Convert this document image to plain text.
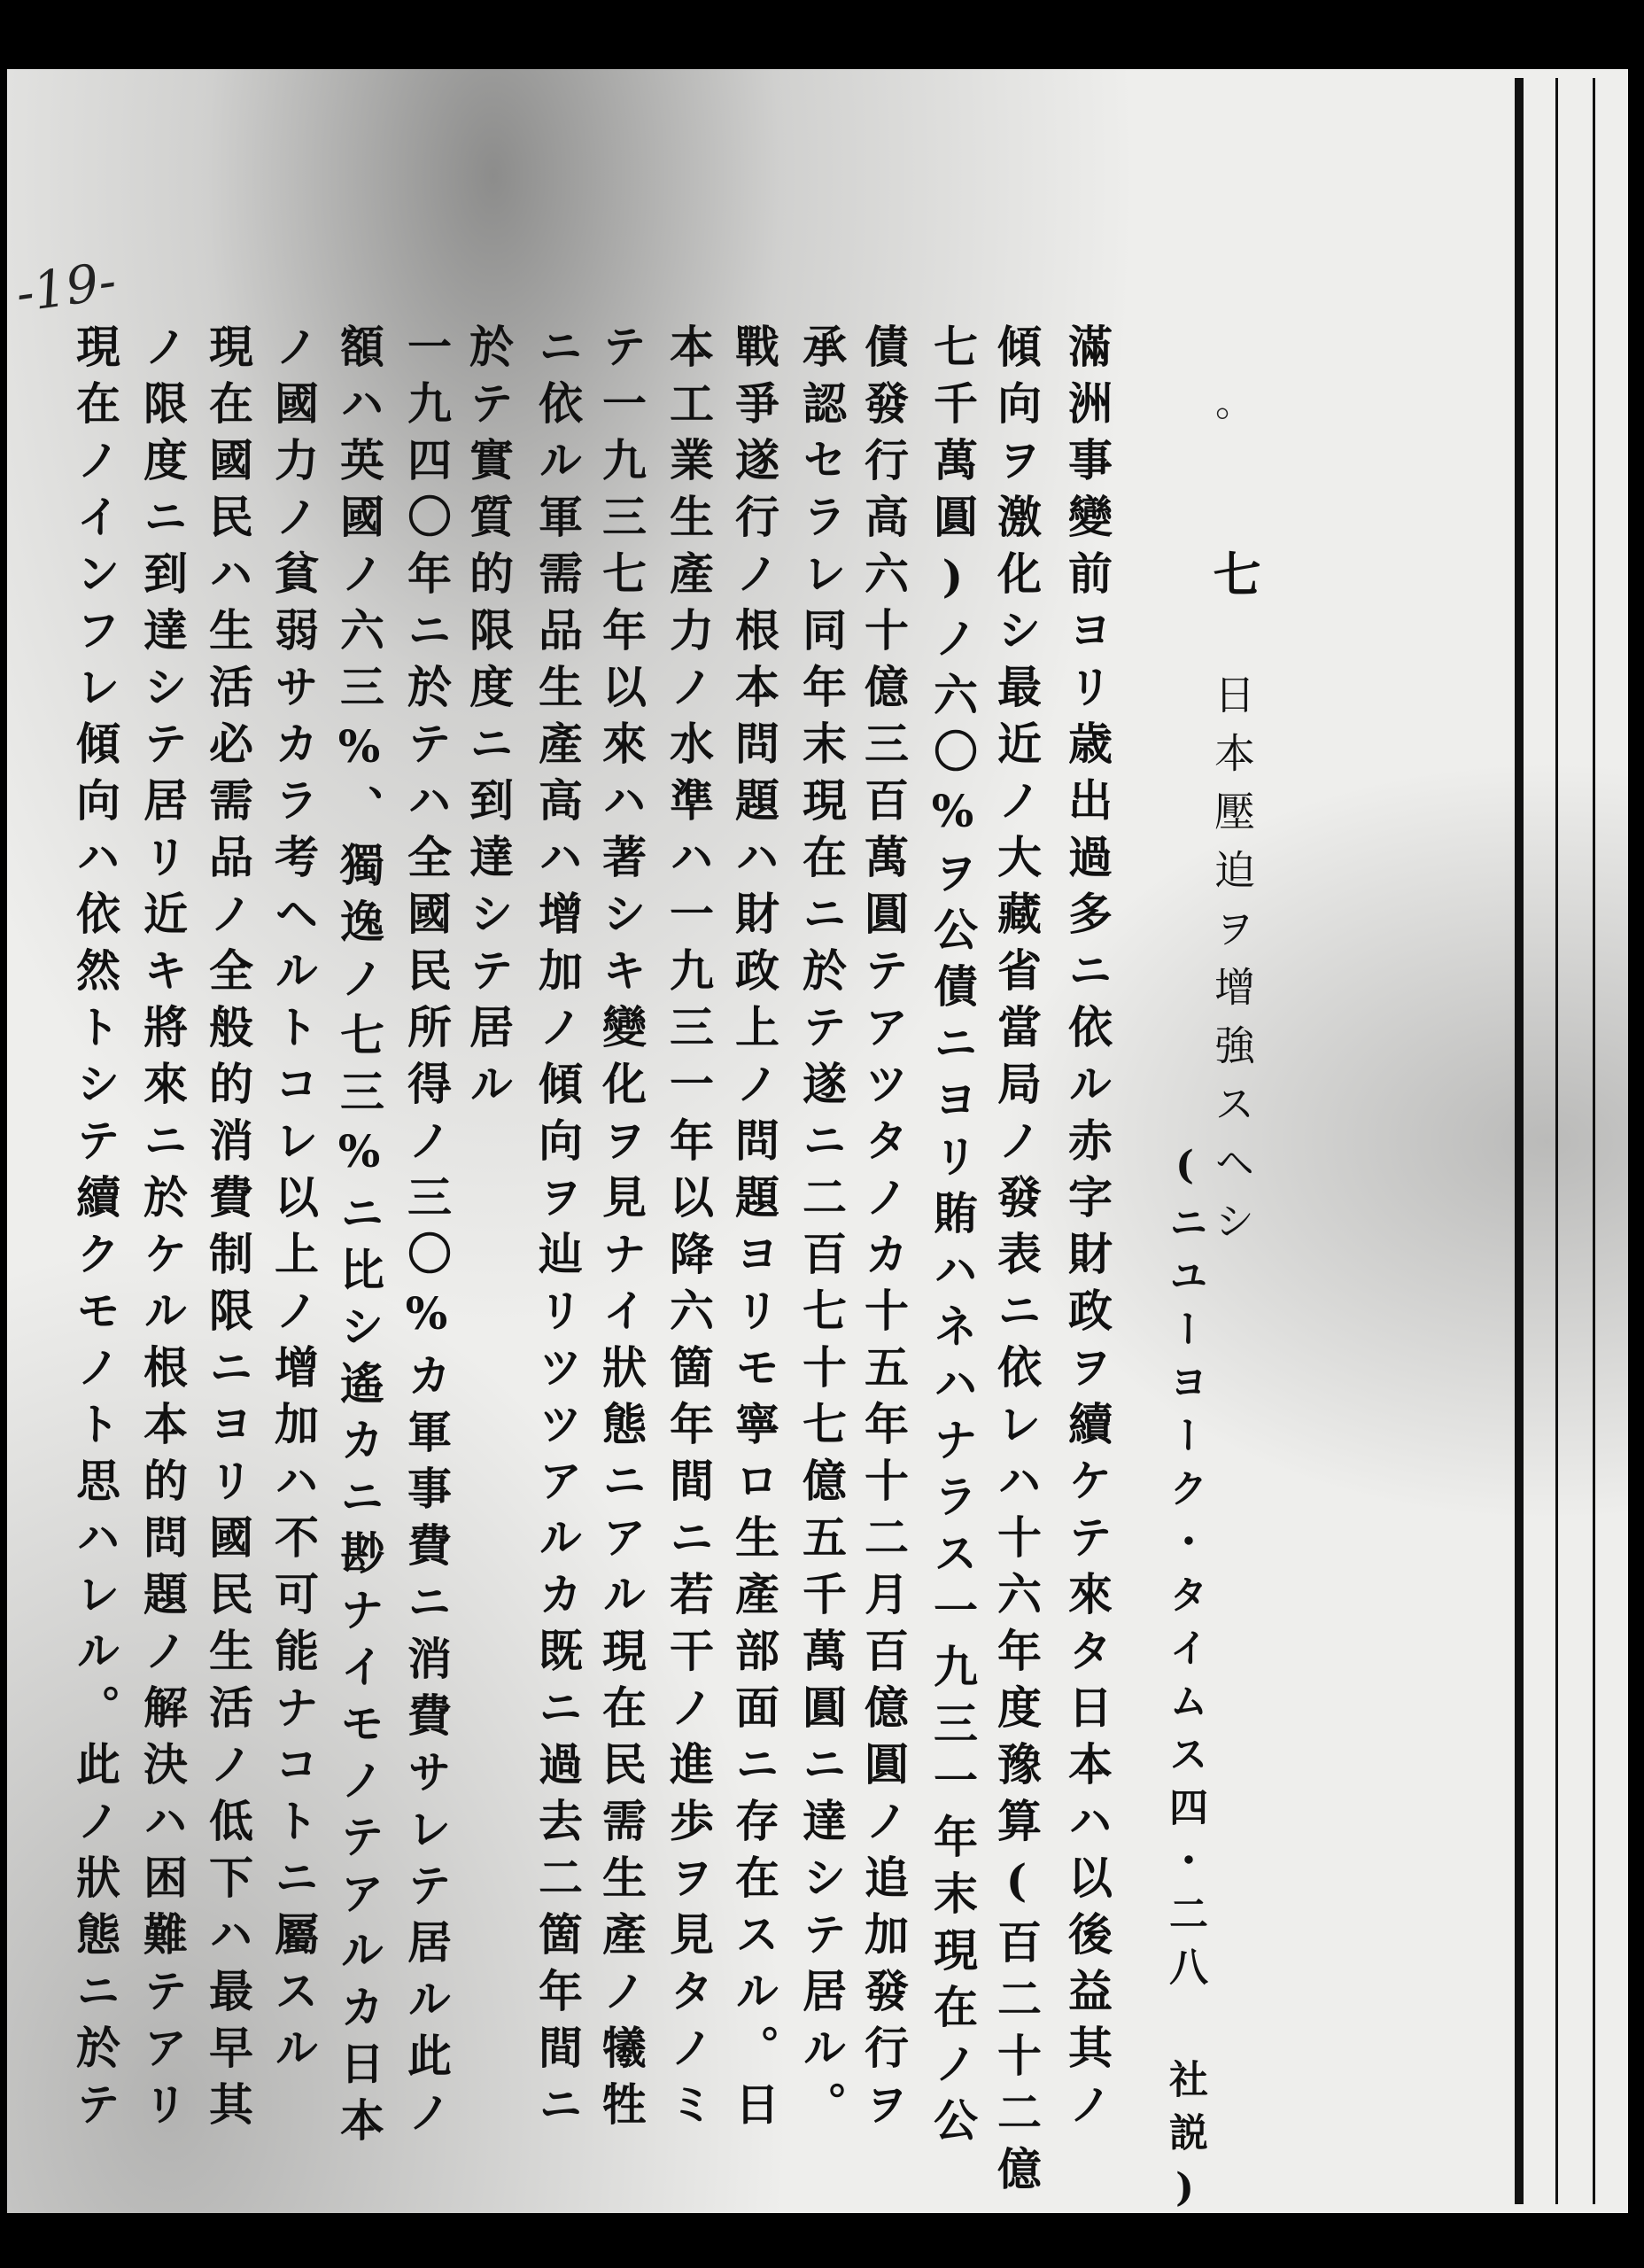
-19-
。
七
日本壓迫ヲ增強スヘシ
(ニユーヨーク・タイムス四・二八 社説)
滿洲事變前ヨリ歳出過多ニ依ル赤字財政ヲ續ケテ來タ日本ハ以後益其ノ
傾向ヲ激化シ最近ノ大藏省當局ノ發表ニ依レハ十六年度豫算(百二十二億
七千萬圓)ノ六〇%ヲ公債ニヨリ賄ハネハナラス一九三一年末現在ノ公
債發行高六十億三百萬圓テアツタノカ十五年十二月百億圓ノ追加發行ヲ
承認セラレ同年末現在ニ於テ遂ニ二百七十七億五千萬圓ニ達シテ居ル。
戰爭遂行ノ根本問題ハ財政上ノ問題ヨリモ寧ロ生產部面ニ存在スル。日
本工業生產力ノ水準ハ一九三一年以降六箇年間ニ若干ノ進歩ヲ見タノミ
テ一九三七年以來ハ著シキ變化ヲ見ナイ狀態ニアル現在民需生產ノ犧牲
ニ依ル軍需品生產高ハ增加ノ傾向ヲ辿リツツアルカ既ニ過去二箇年間ニ
於テ實質的限度ニ到達シテ居ル
一九四〇年ニ於テハ全國民所得ノ三〇%カ軍事費ニ消費サレテ居ル此ノ
額ハ英國ノ六三%、獨逸ノ七三%ニ比シ遙カニ尠ナイモノテアルカ日本
ノ國力ノ貧弱サカラ考ヘルトコレ以上ノ增加ハ不可能ナコトニ屬スル
現在國民ハ生活必需品ノ全般的消費制限ニヨリ國民生活ノ低下ハ最早其
ノ限度ニ到達シテ居リ近キ將來ニ於ケル根本的問題ノ解決ハ困難テアリ
現在ノインフレ傾向ハ依然トシテ續クモノト思ハレル。此ノ狀態ニ於テ
